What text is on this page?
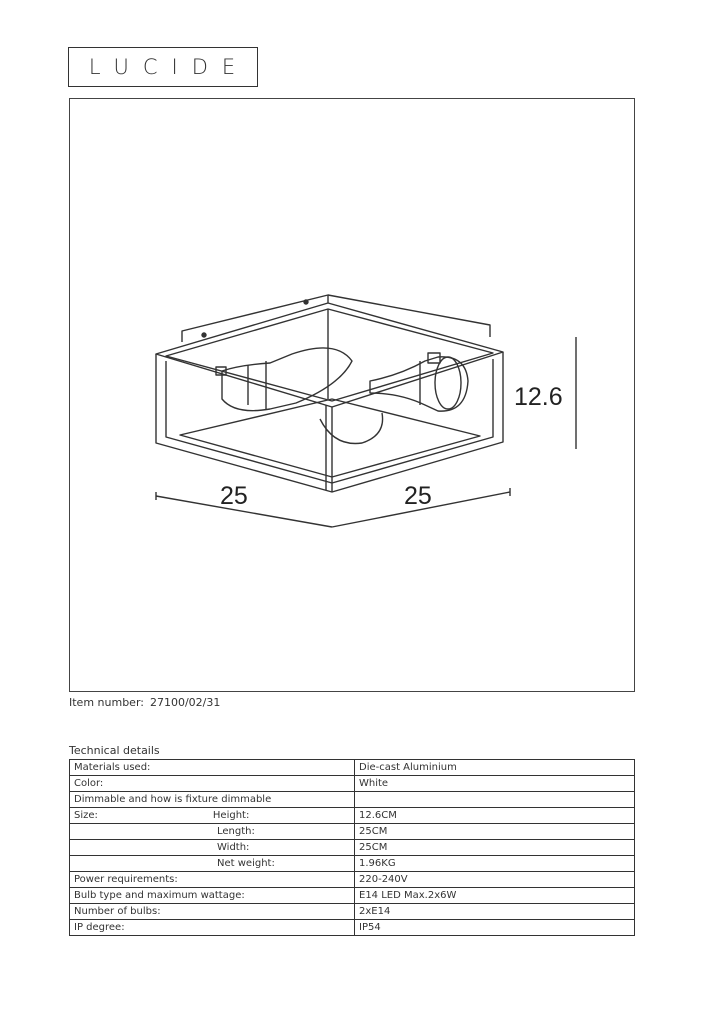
LUCIDE
12.6
25	25
Item number: 27100/02/31
Technical details
Materials used:	Die-cast Aluminium
Color:	White
Dimmable and how is fixture dimmable	
Size: Height:	12.6CM
Length:	25CM
Width:	25CM
Net weight:	1.96KG
Power requirements:	220-240V
Bulb type and maximum wattage:	E14 LED Max.2x6W
Number of bulbs:	2xE14
IP degree:	IP54
